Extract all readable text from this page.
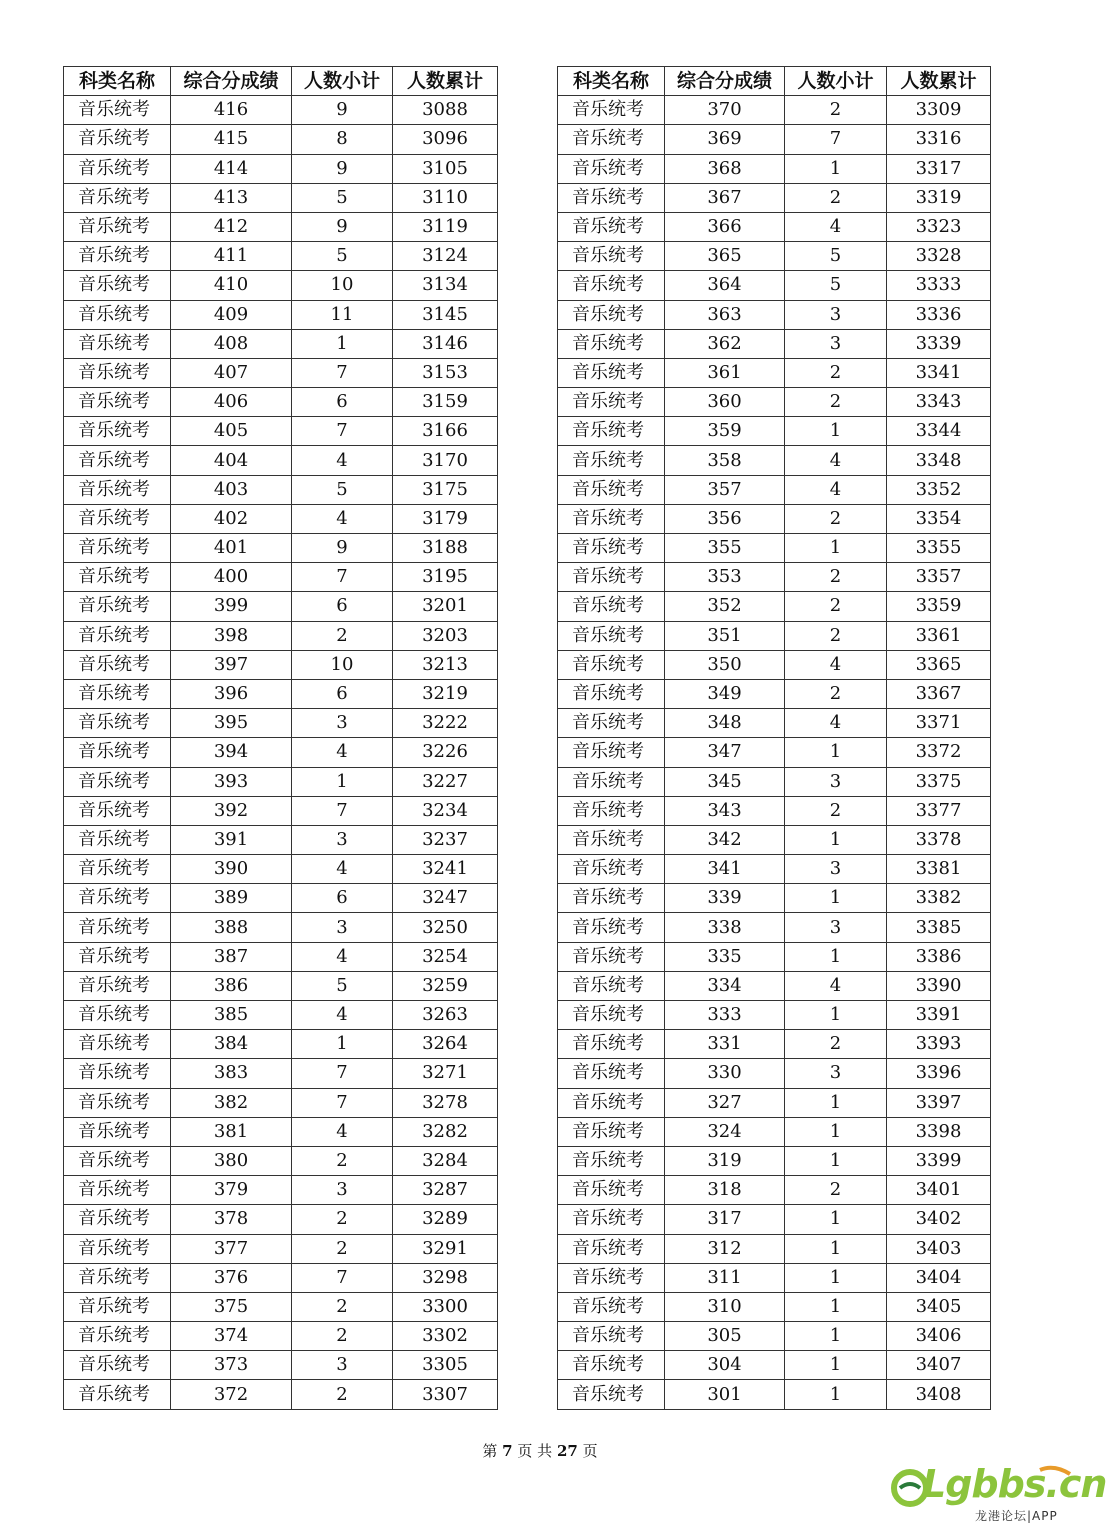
科类名称	综合分成绩	人数小计	人数累计
音乐统考	416	9	3088
音乐统考	415	8	3096
音乐统考	414	9	3105
音乐统考	413	5	3110
音乐统考	412	9	3119
音乐统考	411	5	3124
音乐统考	410	10	3134
音乐统考	409	11	3145
音乐统考	408	1	3146
音乐统考	407	7	3153
音乐统考	406	6	3159
音乐统考	405	7	3166
音乐统考	404	4	3170
音乐统考	403	5	3175
音乐统考	402	4	3179
音乐统考	401	9	3188
音乐统考	400	7	3195
音乐统考	399	6	3201
音乐统考	398	2	3203
音乐统考	397	10	3213
音乐统考	396	6	3219
音乐统考	395	3	3222
音乐统考	394	4	3226
音乐统考	393	1	3227
音乐统考	392	7	3234
音乐统考	391	3	3237
音乐统考	390	4	3241
音乐统考	389	6	3247
音乐统考	388	3	3250
音乐统考	387	4	3254
音乐统考	386	5	3259
音乐统考	385	4	3263
音乐统考	384	1	3264
音乐统考	383	7	3271
音乐统考	382	7	3278
音乐统考	381	4	3282
音乐统考	380	2	3284
音乐统考	379	3	3287
音乐统考	378	2	3289
音乐统考	377	2	3291
音乐统考	376	7	3298
音乐统考	375	2	3300
音乐统考	374	2	3302
音乐统考	373	3	3305
音乐统考	372	2	3307
科类名称	综合分成绩	人数小计	人数累计
音乐统考	370	2	3309
音乐统考	369	7	3316
音乐统考	368	1	3317
音乐统考	367	2	3319
音乐统考	366	4	3323
音乐统考	365	5	3328
音乐统考	364	5	3333
音乐统考	363	3	3336
音乐统考	362	3	3339
音乐统考	361	2	3341
音乐统考	360	2	3343
音乐统考	359	1	3344
音乐统考	358	4	3348
音乐统考	357	4	3352
音乐统考	356	2	3354
音乐统考	355	1	3355
音乐统考	353	2	3357
音乐统考	352	2	3359
音乐统考	351	2	3361
音乐统考	350	4	3365
音乐统考	349	2	3367
音乐统考	348	4	3371
音乐统考	347	1	3372
音乐统考	345	3	3375
音乐统考	343	2	3377
音乐统考	342	1	3378
音乐统考	341	3	3381
音乐统考	339	1	3382
音乐统考	338	3	3385
音乐统考	335	1	3386
音乐统考	334	4	3390
音乐统考	333	1	3391
音乐统考	331	2	3393
音乐统考	330	3	3396
音乐统考	327	1	3397
音乐统考	324	1	3398
音乐统考	319	1	3399
音乐统考	318	2	3401
音乐统考	317	1	3402
音乐统考	312	1	3403
音乐统考	311	1	3404
音乐统考	310	1	3405
音乐统考	305	1	3406
音乐统考	304	1	3407
音乐统考	301	1	3408
第 7 页 共 27 页
Lgbbs.cn
龙港论坛|APP
